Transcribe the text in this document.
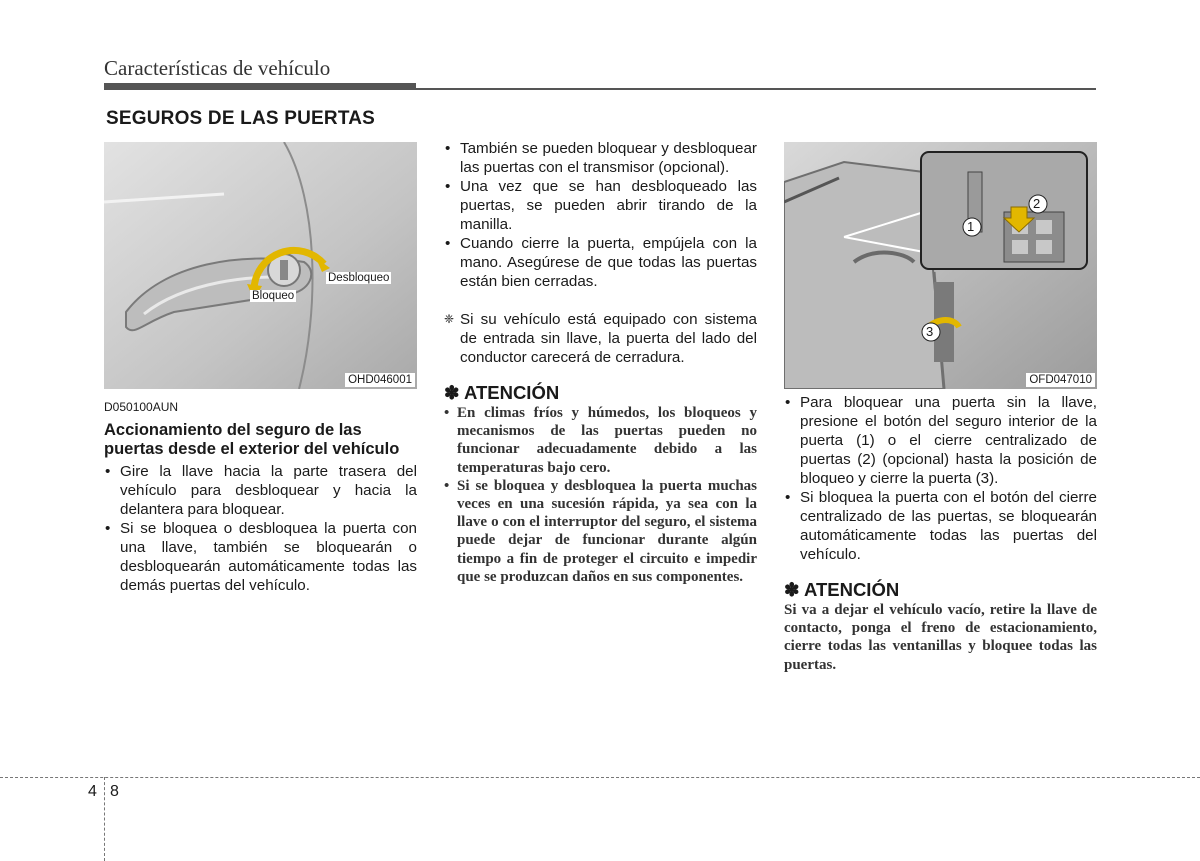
Características de vehículo
SEGUROS DE LAS PUERTAS
Desbloqueo
Bloqueo
OHD046001
D050100AUN
Accionamiento del seguro de las puertas desde el exterior del vehículo
• Gire la llave hacia la parte trasera del vehículo para desbloquear y hacia la delantera para bloquear.
• Si se bloquea o desbloquea la puerta con una llave, también se bloquearán o desbloquearán automáticamente todas las demás puertas del vehículo.
• También se pueden bloquear y desbloquear las puertas con el transmisor (opcional).
• Una vez que se han desbloqueado las puertas, se pueden abrir tirando de la manilla.
• Cuando cierre la puerta, empújela con la mano. Asegúrese de que todas las puertas están bien cerradas.
❈ Si su vehículo está equipado con sistema de entrada sin llave, la puerta del lado del conductor carecerá de cerradura.
✽ ATENCIÓN
• En climas fríos y húmedos, los bloqueos y mecanismos de las puertas pueden no funcionar adecuadamente debido a las temperaturas bajo cero.
• Si se bloquea y desbloquea la puerta muchas veces en una sucesión rápida, ya sea con la llave o con el interruptor del seguro, el sistema puede dejar de funcionar durante algún tiempo a fin de proteger el circuito e impedir que se produzcan daños en sus componentes.
1
2
3
OFD047010
• Para bloquear una puerta sin la llave, presione el botón del seguro interior de la puerta (1) o el cierre centralizado de puertas (2) (opcional) hasta la posición de bloqueo y cierre la puerta (3).
• Si bloquea la puerta con el botón del cierre centralizado de las puertas, se bloquearán automáticamente todas las puertas del vehículo.
✽ ATENCIÓN
Si va a dejar el vehículo vacío, retire la llave de contacto, ponga el freno de estacionamiento, cierre todas las ventanillas y bloquee todas las puertas.
4 8
